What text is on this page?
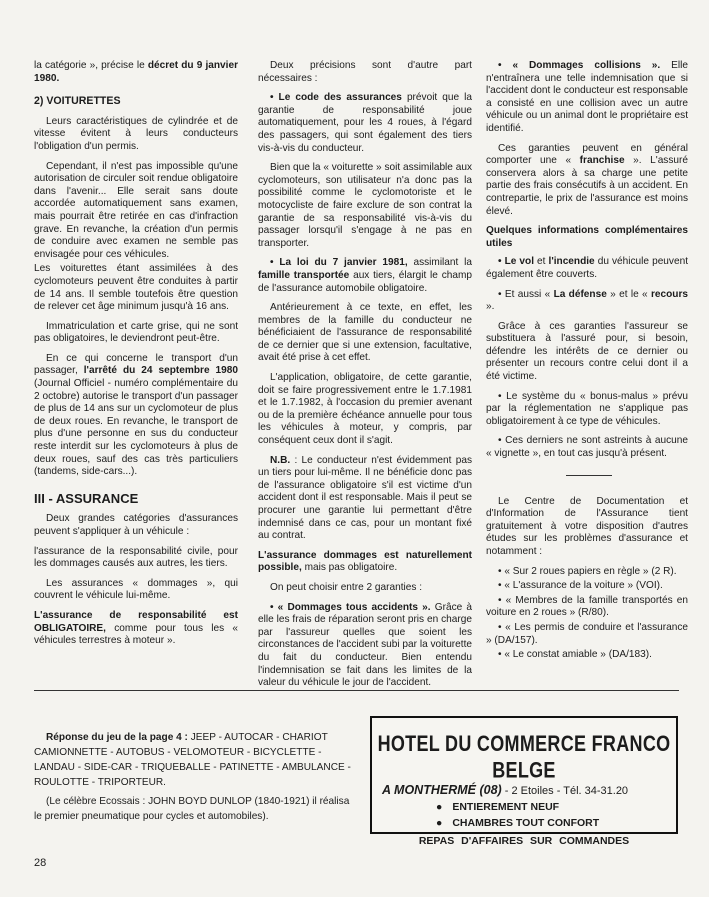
la catégorie », précise le décret du 9 janvier 1980.

2) VOITURETTES

Leurs caractéristiques de cylindrée et de vitesse évitent à leurs conducteurs l'obligation d'un permis.

Cependant, il n'est pas impossible qu'une autorisation de circuler soit rendue obligatoire dans l'avenir... Elle serait sans doute accordée automatiquement sans examen, mais pourrait être retirée en cas d'infraction grave. En revanche, la création d'un permis de conduire avec examen ne semble pas envisagée pour ces véhicules.

Les voiturettes étant assimilées à des cyclomoteurs peuvent être conduites à partir de 14 ans. Il semble toutefois être question de relever cet âge minimum jusqu'à 16 ans.

Immatriculation et carte grise, qui ne sont pas obligatoires, le deviendront peut-être.

En ce qui concerne le transport d'un passager, l'arrêté du 24 septembre 1980 (Journal Officiel - numéro complémentaire du 2 octobre) autorise le transport d'un passager de plus de 14 ans sur un cyclomoteur de plus de deux roues. En revanche, le transport de plus d'une personne en sus du conducteur reste interdit sur les cyclomoteurs à plus de deux roues, sauf des cas très particuliers (tandems, side-cars...).

III - ASSURANCE

Deux grandes catégories d'assurances peuvent s'appliquer à un véhicule :

l'assurance de la responsabilité civile, pour les dommages causés aux autres, les tiers.

Les assurances « dommages », qui couvrent le véhicule lui-même.

L'assurance de responsabilité est OBLIGATOIRE, comme pour tous les « véhicules terrestres à moteur ».

Deux précisions sont d'autre part nécessaires :

• Le code des assurances prévoit que la garantie de responsabilité joue automatiquement, pour les 4 roues, à l'égard des passagers, qui sont également des tiers vis-à-vis du conducteur.

Bien que la « voiturette » soit assimilable aux cyclomoteurs, son utilisateur n'a donc pas la possibilité comme le cyclomotoriste et le motocycliste de faire exclure de son contrat la garantie de sa responsabilité vis-à-vis du passager lorsqu'il s'engage à ne pas en transporter.

• La loi du 7 janvier 1981, assimilant la famille transportée aux tiers, élargit le champ de l'assurance automobile obligatoire.

Antérieurement à ce texte, en effet, les membres de la famille du conducteur ne bénéficiaient de l'assurance de responsabilité de ce dernier que si une extension, facultative, avait été prise à cet effet.

L'application, obligatoire, de cette garantie, doit se faire progressivement entre le 1.7.1981 et le 1.7.1982, à l'occasion du premier avenant ou de la première échéance annuelle pour tous les véhicules à moteur, y compris, par conséquent ceux dont il s'agit.

N.B. : Le conducteur n'est évidemment pas un tiers pour lui-même. Il ne bénéficie donc pas de l'assurance obligatoire s'il est victime d'un accident dont il est responsable. Mais il peut se procurer une garantie lui permettant d'être indemnisé dans ce cas, pour un montant fixé au contrat.

L'assurance dommages est naturellement possible, mais pas obligatoire.

On peut choisir entre 2 garanties :

• « Dommages tous accidents ». Grâce à elle les frais de réparation seront pris en charge par l'assureur quelles que soient les circonstances de l'accident subi par la voiturette du fait du conducteur. Bien entendu l'indemnisation se fait dans les limites de la valeur du véhicule le jour de l'accident.

• « Dommages collisions ». Elle n'entraînera une telle indemnisation que si l'accident dont le conducteur est responsable a consisté en une collision avec un autre véhicule ou un animal dont le propriétaire est identifié.

Ces garanties peuvent en général comporter une « franchise ». L'assuré conservera alors à sa charge une petite partie des frais consécutifs à un accident. En contrepartie, le prix de l'assurance est moins élevé.

Quelques informations complémentaires utiles

• Le vol et l'incendie du véhicule peuvent également être couverts.

• Et aussi « La défense » et le « recours ».

Grâce à ces garanties l'assureur se substituera à l'assuré pour, si besoin, défendre les intérêts de ce dernier ou présenter un recours contre celui dont il a été victime.

• Le système du « bonus-malus » prévu par la réglementation ne s'applique pas obligatoirement à ce type de véhicules.

• Ces derniers ne sont astreints à aucune « vignette », en tout cas jusqu'à présent.

Le Centre de Documentation et d'Information de l'Assurance tient gratuitement à votre disposition d'autres études sur les problèmes d'assurance et notamment :

• « Sur 2 roues papiers en règle » (2 R).

• « L'assurance de la voiture » (VOI).

• « Membres de la famille transportés en voiture en 2 roues » (R/80).

• « Les permis de conduire et l'assurance » (DA/157).

• « Le constat amiable » (DA/183).

Réponse du jeu de la page 4 : JEEP - AUTOCAR - CHARIOT CAMIONNETTE - AUTOBUS - VELOMOTEUR - BICYCLETTE - LANDAU - SIDE-CAR - TRIQUEBALLE - PATINETTE - AMBULANCE - ROULOTTE - TRIPORTEUR.

(Le célèbre Ecossais : JOHN BOYD DUNLOP (1840-1921) il réalisa le premier pneumatique pour cycles et automobiles).

HOTEL DU COMMERCE FRANCO BELGE
A MONTHERMÉ (08) - 2 Etoiles - Tél. 34-31.20
● ENTIEREMENT NEUF
● CHAMBRES TOUT CONFORT
REPAS D'AFFAIRES SUR COMMANDES
28
